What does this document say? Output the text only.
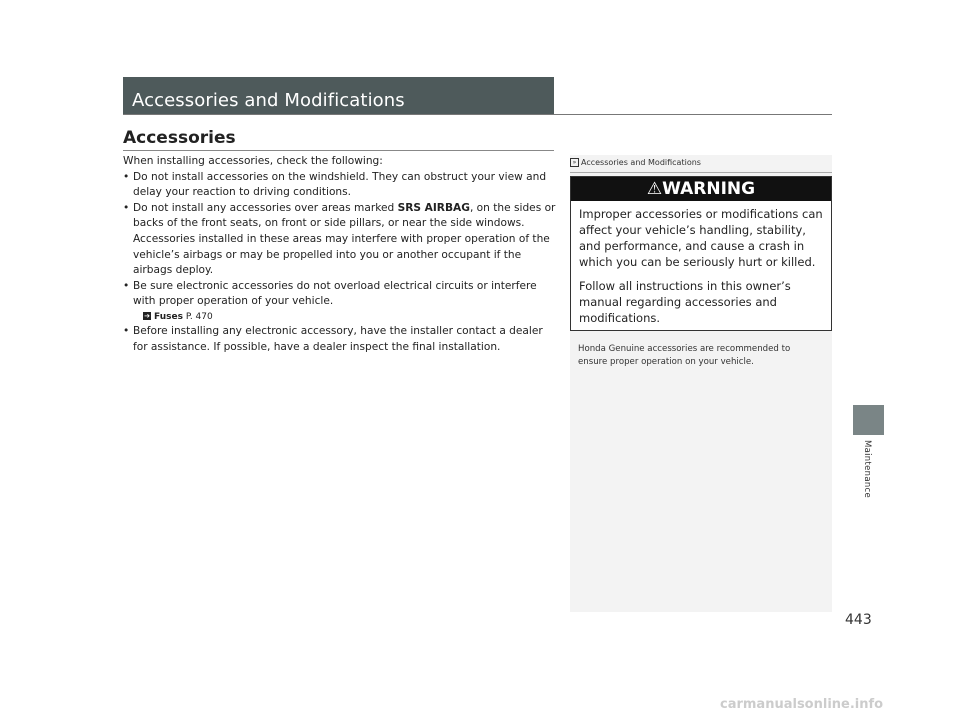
Accessories and Modifications
Accessories

When installing accessories, check the following:

• Do not install accessories on the windshield. They can obstruct your view and delay your reaction to driving conditions.
• Do not install any accessories over areas marked SRS AIRBAG, on the sides or backs of the front seats, on front or side pillars, or near the side windows. Accessories installed in these areas may interfere with proper operation of the vehicle’s airbags or may be propelled into you or another occupant if the airbags deploy.
• Be sure electronic accessories do not overload electrical circuits or interfere with proper operation of your vehicle.
➔ Fuses P. 470
• Before installing any electronic accessory, have the installer contact a dealer for assistance. If possible, have a dealer inspect the final installation.
» Accessories and Modifications
⚠WARNING

Improper accessories or modifications can affect your vehicle’s handling, stability, and performance, and cause a crash in which you can be seriously hurt or killed.

Follow all instructions in this owner’s manual regarding accessories and modifications.

Honda Genuine accessories are recommended to ensure proper operation on your vehicle.
Maintenance
443
carmanualsonline.info
